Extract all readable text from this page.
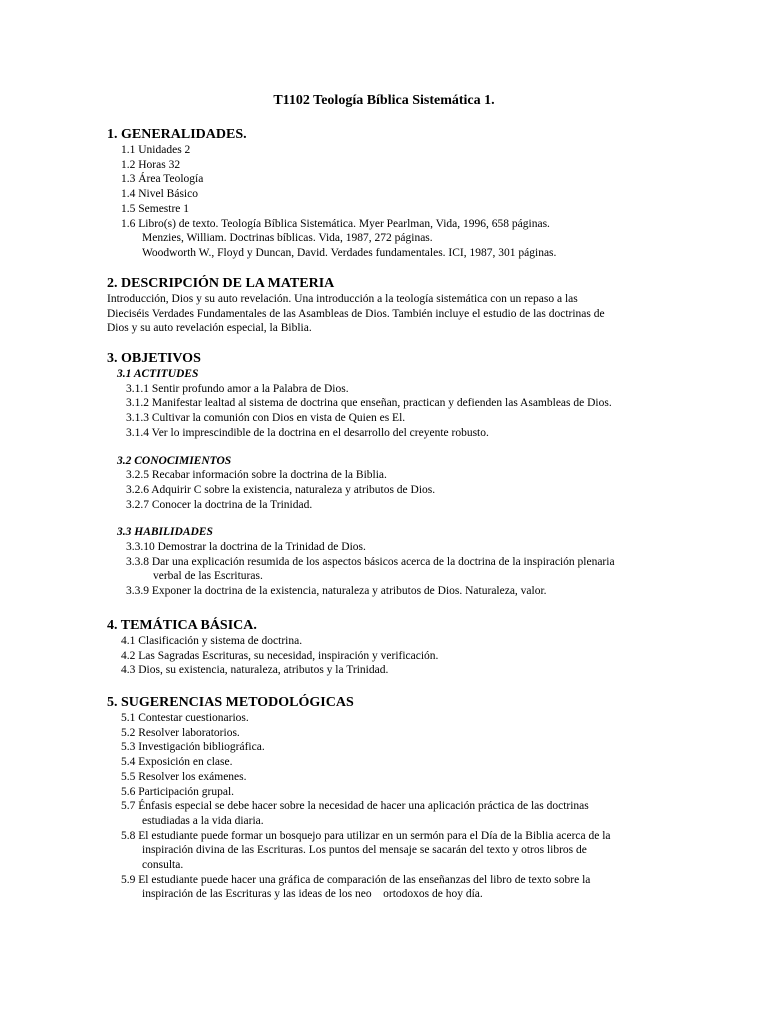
T1102 Teología Bíblica Sistemática 1.
1. GENERALIDADES.
1.1 Unidades 2
1.2 Horas 32
1.3 Área Teología
1.4 Nivel Básico
1.5 Semestre 1
1.6 Libro(s) de texto. Teología Bíblica Sistemática. Myer Pearlman, Vida, 1996, 658 páginas.
Menzies, William. Doctrinas bíblicas. Vida, 1987, 272 páginas.
Woodworth W., Floyd y Duncan, David. Verdades fundamentales. ICI, 1987, 301 páginas.
2. DESCRIPCIÓN DE LA MATERIA
Introducción, Dios y su auto revelación. Una introducción a la teología sistemática con un repaso a las
Dieciséis Verdades Fundamentales de las Asambleas de Dios. También incluye el estudio de las doctrinas de
Dios y su auto revelación especial, la Biblia.
3. OBJETIVOS
3.1 ACTITUDES
3.1.1 Sentir profundo amor a la Palabra de Dios.
3.1.2 Manifestar lealtad al sistema de doctrina que enseñan, practican y defienden las Asambleas de Dios.
3.1.3 Cultivar la comunión con Dios en vista de Quien es El.
3.1.4 Ver lo imprescindible de la doctrina en el desarrollo del creyente robusto.
3.2 CONOCIMIENTOS
3.2.5 Recabar información sobre la doctrina de la Biblia.
3.2.6 Adquirir C sobre la existencia, naturaleza y atributos de Dios.
3.2.7 Conocer la doctrina de la Trinidad.
3.3 HABILIDADES
3.3.10 Demostrar la doctrina de la Trinidad de Dios.
3.3.8 Dar una explicación resumida de los aspectos básicos acerca de la doctrina de la inspiración plenaria
verbal de las Escrituras.
3.3.9 Exponer la doctrina de la existencia, naturaleza y atributos de Dios. Naturaleza, valor.
4. TEMÁTICA BÁSICA.
4.1 Clasificación y sistema de doctrina.
4.2 Las Sagradas Escrituras, su necesidad, inspiración y verificación.
4.3 Dios, su existencia, naturaleza, atributos y la Trinidad.
5. SUGERENCIAS METODOLÓGICAS
5.1 Contestar cuestionarios.
5.2 Resolver laboratorios.
5.3 Investigación bibliográfica.
5.4 Exposición en clase.
5.5 Resolver los exámenes.
5.6 Participación grupal.
5.7 Énfasis especial se debe hacer sobre la necesidad de hacer una aplicación práctica de las doctrinas
estudiadas a la vida diaria.
5.8 El estudiante puede formar un bosquejo para utilizar en un sermón para el Día de la Biblia acerca de la
inspiración divina de las Escrituras. Los puntos del mensaje se sacarán del texto y otros libros de
consulta.
5.9 El estudiante puede hacer una gráfica de comparación de las enseñanzas del libro de texto sobre la
inspiración de las Escrituras y las ideas de los neo    ortodoxos de hoy día.
